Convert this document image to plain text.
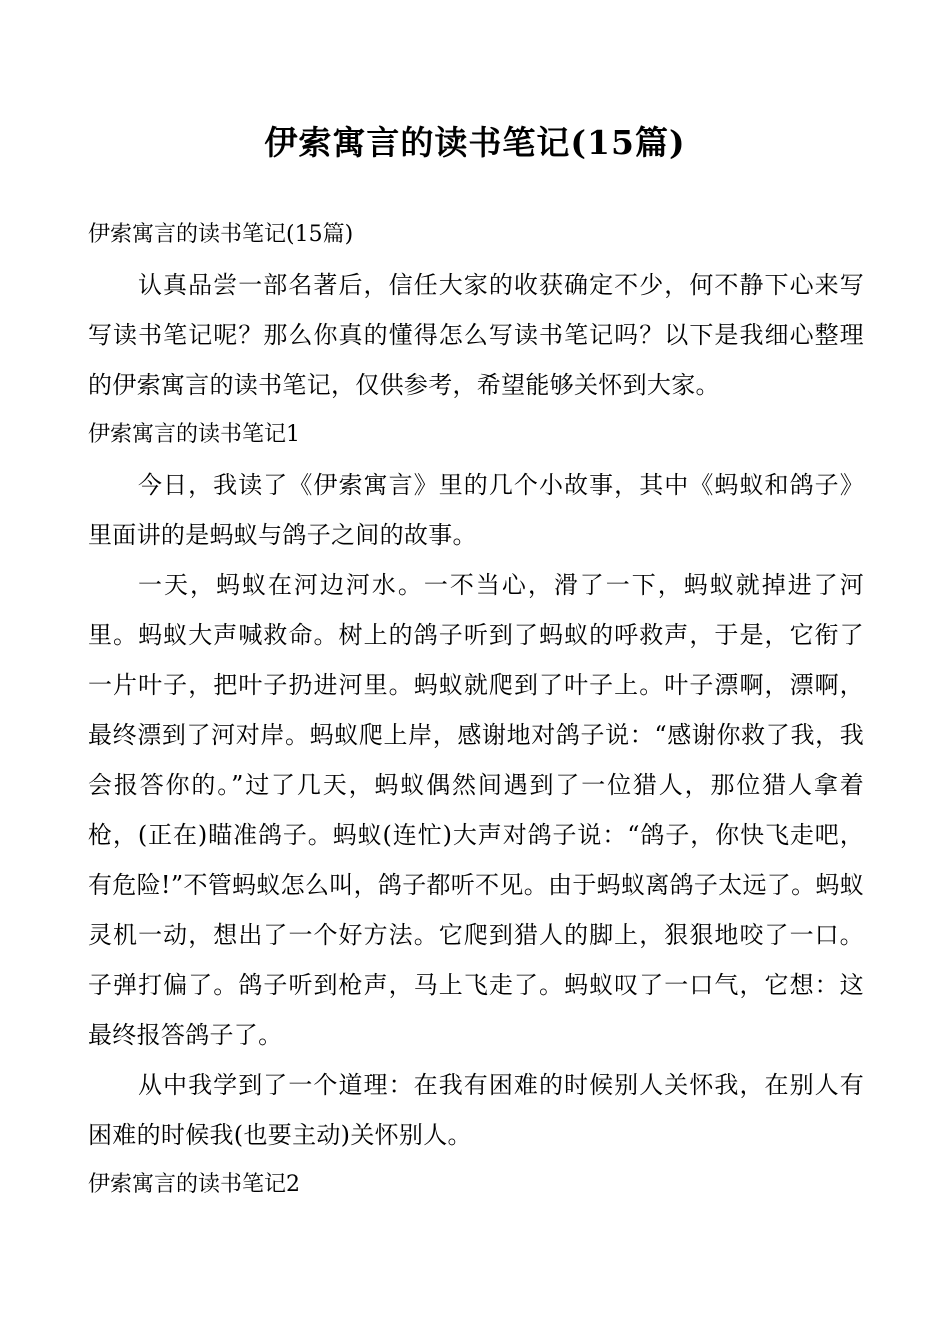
伊索寓言的读书笔记(15篇)

伊索寓言的读书笔记(15篇)

认真品尝一部名著后，信任大家的收获确定不少，何不静下心来写写读书笔记呢？那么你真的懂得怎么写读书笔记吗？以下是我细心整理的伊索寓言的读书笔记，仅供参考，希望能够关怀到大家。

伊索寓言的读书笔记1

今日，我读了《伊索寓言》里的几个小故事，其中《蚂蚁和鸽子》里面讲的是蚂蚁与鸽子之间的故事。

一天，蚂蚁在河边河水。一不当心，滑了一下，蚂蚁就掉进了河里。蚂蚁大声喊救命。树上的鸽子听到了蚂蚁的呼救声，于是，它衔了一片叶子，把叶子扔进河里。蚂蚁就爬到了叶子上。叶子漂啊，漂啊，最终漂到了河对岸。蚂蚁爬上岸，感谢地对鸽子说：“感谢你救了我，我会报答你的。”过了几天，蚂蚁偶然间遇到了一位猎人，那位猎人拿着枪，(正在)瞄准鸽子。蚂蚁(连忙)大声对鸽子说：“鸽子，你快飞走吧，有危险!”不管蚂蚁怎么叫，鸽子都听不见。由于蚂蚁离鸽子太远了。蚂蚁灵机一动，想出了一个好方法。它爬到猎人的脚上，狠狠地咬了一口。子弹打偏了。鸽子听到枪声，马上飞走了。蚂蚁叹了一口气，它想：这最终报答鸽子了。

从中我学到了一个道理：在我有困难的时候别人关怀我，在别人有困难的时候我(也要主动)关怀别人。

伊索寓言的读书笔记2
